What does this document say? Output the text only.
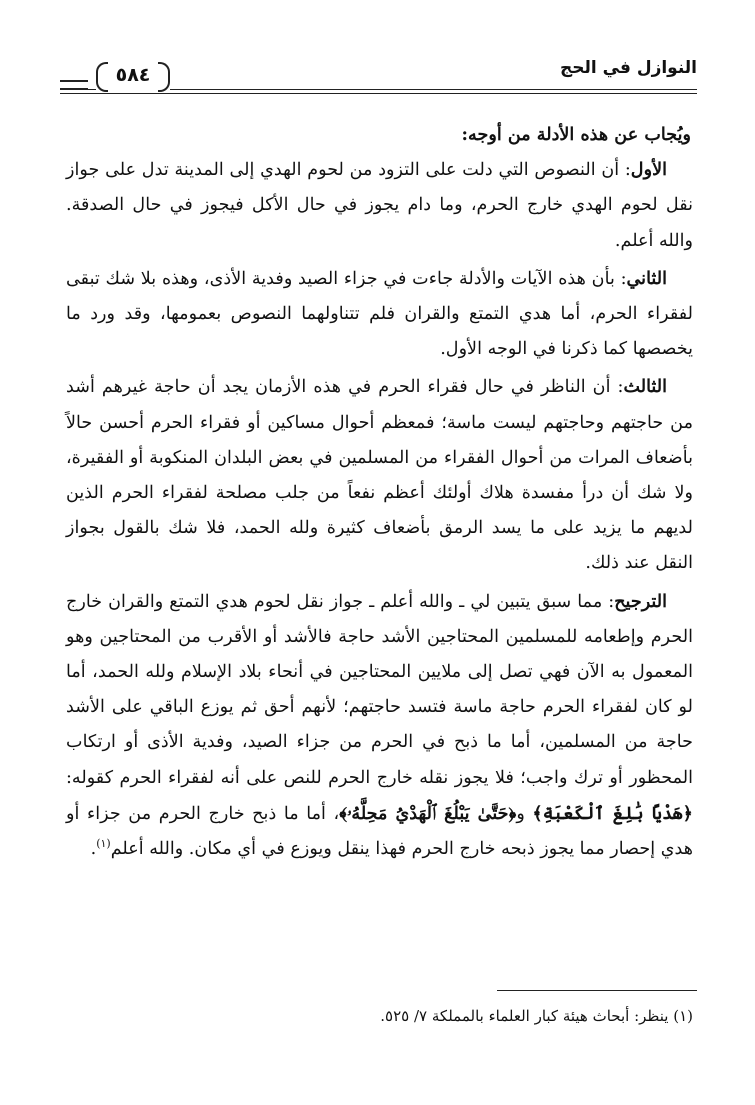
النوازل في الحج
٥٨٤

ويُجاب عن هذه الأدلة من أوجه:

الأول: أن النصوص التي دلت على التزود من لحوم الهدي إلى المدينة تدل على جواز نقل لحوم الهدي خارج الحرم، وما دام يجوز في حال الأكل فيجوز في حال الصدقة. والله أعلم.

الثاني: بأن هذه الآيات والأدلة جاءت في جزاء الصيد وفدية الأذى، وهذه بلا شك تبقى لفقراء الحرم، أما هدي التمتع والقران فلم تتناولهما النصوص بعمومها، وقد ورد ما يخصصها كما ذكرنا في الوجه الأول.

الثالث: أن الناظر في حال فقراء الحرم في هذه الأزمان يجد أن حاجة غيرهم أشد من حاجتهم وحاجتهم ليست ماسة؛ فمعظم أحوال مساكين أو فقراء الحرم أحسن حالاً بأضعاف المرات من أحوال الفقراء من المسلمين في بعض البلدان المنكوبة أو الفقيرة، ولا شك أن درأ مفسدة هلاك أولئك أعظم نفعاً من جلب مصلحة لفقراء الحرم الذين لديهم ما يزيد على ما يسد الرمق بأضعاف كثيرة ولله الحمد، فلا شك بالقول بجواز النقل عند ذلك.

الترجيح: مما سبق يتبين لي ـ والله أعلم ـ جواز نقل لحوم هدي التمتع والقران خارج الحرم وإطعامه للمسلمين المحتاجين الأشد حاجة فالأشد أو الأقرب من المحتاجين وهو المعمول به الآن فهي تصل إلى ملايين المحتاجين في أنحاء بلاد الإسلام ولله الحمد، أما لو كان لفقراء الحرم حاجة ماسة فتسد حاجتهم؛ لأنهم أحق ثم يوزع الباقي على الأشد حاجة من المسلمين، أما ما ذبح في الحرم من جزاء الصيد، وفدية الأذى أو ارتكاب المحظور أو ترك واجب؛ فلا يجوز نقله خارج الحرم للنص على أنه لفقراء الحرم كقوله: ﴿هَدْيًا بَٰلِغَ ٱلْكَعْبَةِ﴾ و﴿حَتَّىٰ يَبْلُغَ ٱلْهَدْيُ مَحِلَّهُۥ﴾، أما ما ذبح خارج الحرم من جزاء أو هدي إحصار مما يجوز ذبحه خارج الحرم فهذا ينقل ويوزع في أي مكان. والله أعلم$^{(١)}$.

(١) ينظر: أبحاث هيئة كبار العلماء بالمملكة ٧/ ٥٢٥.
